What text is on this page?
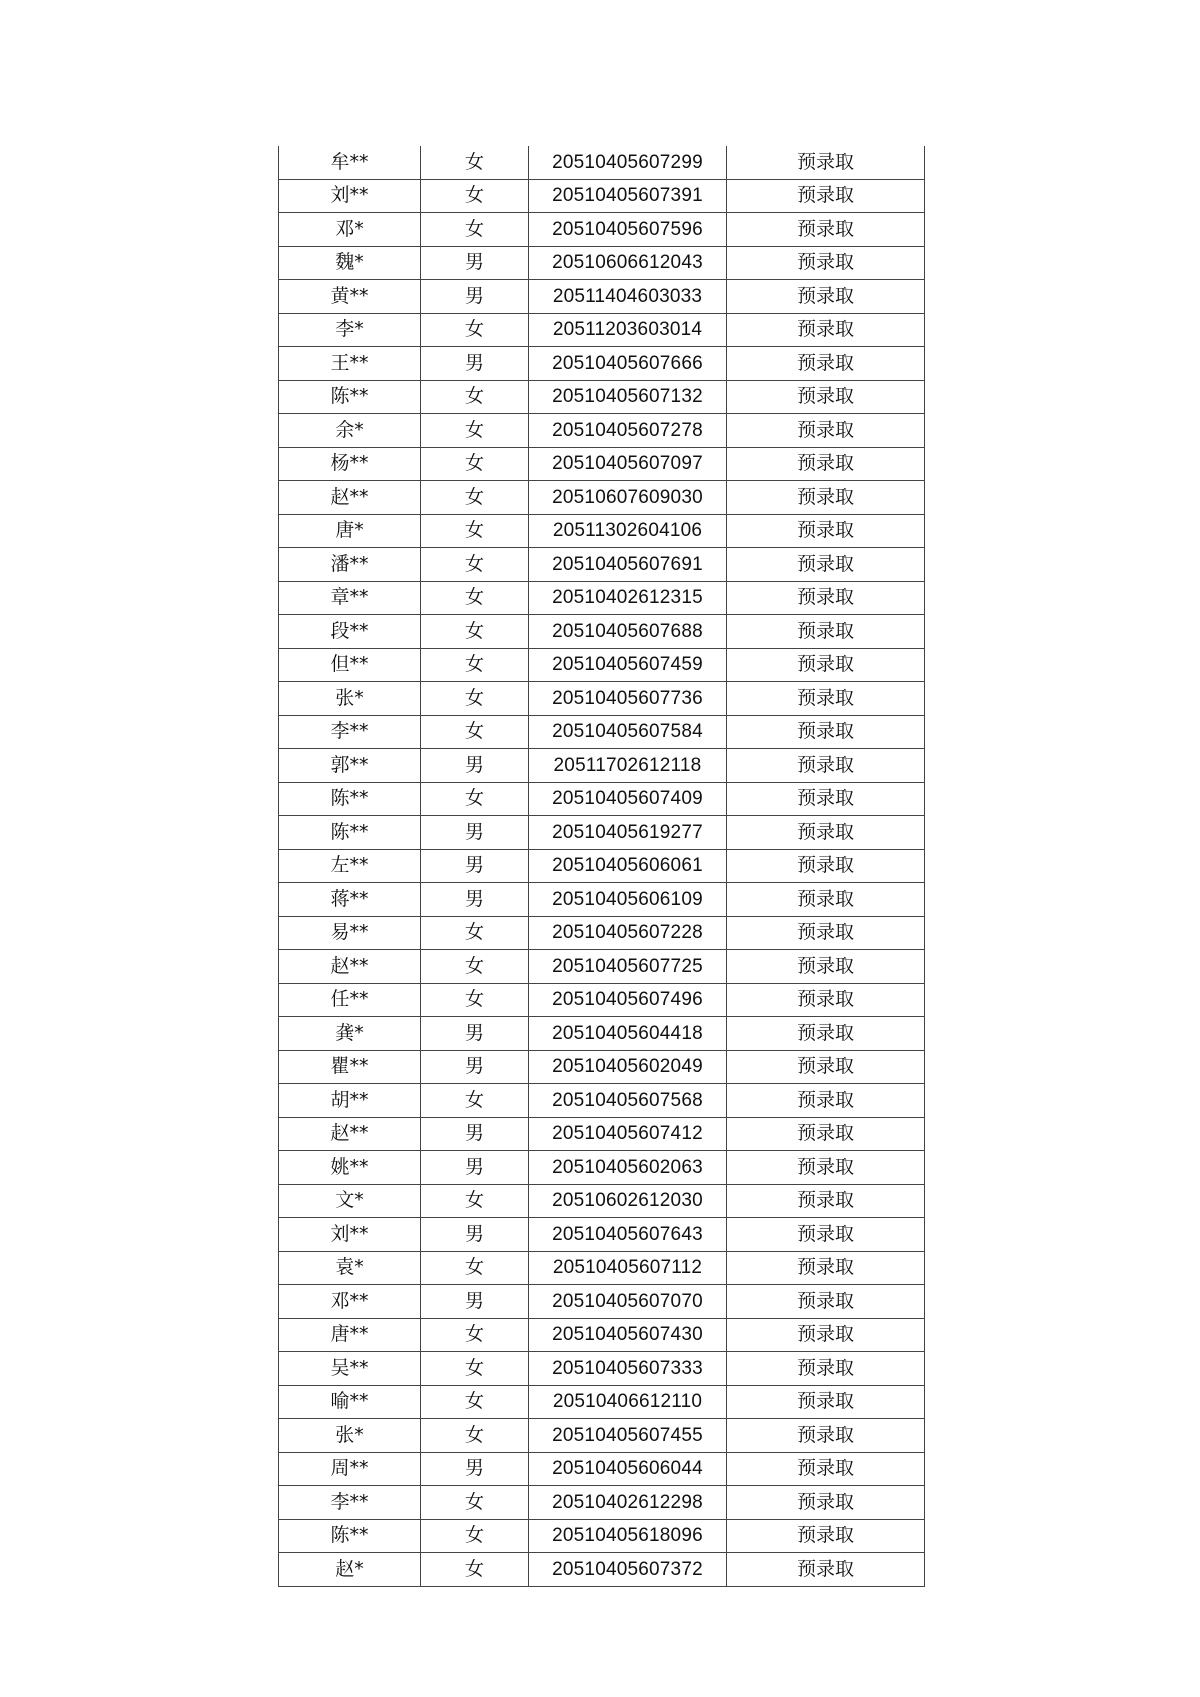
牟**	女	20510405607299	预录取
刘**	女	20510405607391	预录取
邓*	女	20510405607596	预录取
魏*	男	20510606612043	预录取
黄**	男	20511404603033	预录取
李*	女	20511203603014	预录取
王**	男	20510405607666	预录取
陈**	女	20510405607132	预录取
余*	女	20510405607278	预录取
杨**	女	20510405607097	预录取
赵**	女	20510607609030	预录取
唐*	女	20511302604106	预录取
潘**	女	20510405607691	预录取
章**	女	20510402612315	预录取
段**	女	20510405607688	预录取
但**	女	20510405607459	预录取
张*	女	20510405607736	预录取
李**	女	20510405607584	预录取
郭**	男	20511702612118	预录取
陈**	女	20510405607409	预录取
陈**	男	20510405619277	预录取
左**	男	20510405606061	预录取
蒋**	男	20510405606109	预录取
易**	女	20510405607228	预录取
赵**	女	20510405607725	预录取
任**	女	20510405607496	预录取
龚*	男	20510405604418	预录取
瞿**	男	20510405602049	预录取
胡**	女	20510405607568	预录取
赵**	男	20510405607412	预录取
姚**	男	20510405602063	预录取
文*	女	20510602612030	预录取
刘**	男	20510405607643	预录取
袁*	女	20510405607112	预录取
邓**	男	20510405607070	预录取
唐**	女	20510405607430	预录取
吴**	女	20510405607333	预录取
喻**	女	20510406612110	预录取
张*	女	20510405607455	预录取
周**	男	20510405606044	预录取
李**	女	20510402612298	预录取
陈**	女	20510405618096	预录取
赵*	女	20510405607372	预录取
